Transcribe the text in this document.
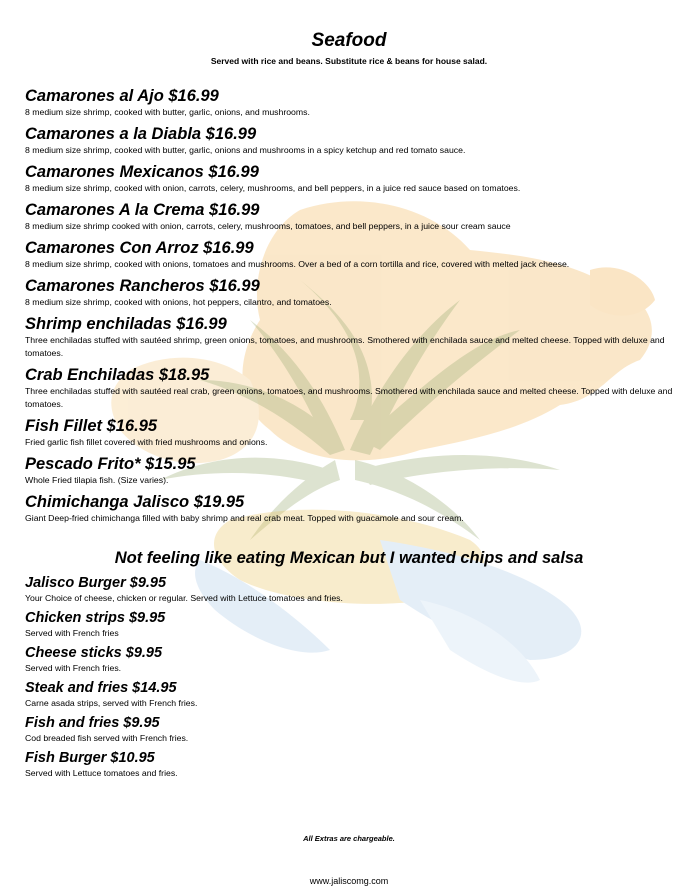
Seafood

Served with rice and beans. Substitute rice & beans for house salad.

Camarones al Ajo $16.99
8 medium size shrimp, cooked with butter, garlic, onions, and mushrooms.
Camarones a la Diabla $16.99
8 medium size shrimp, cooked with butter, garlic, onions and mushrooms in a spicy ketchup and red tomato sauce.
Camarones Mexicanos $16.99
8 medium size shrimp, cooked with onion, carrots, celery, mushrooms, and bell peppers, in a juice red sauce based on tomatoes.
Camarones A la Crema $16.99
8 medium size shrimp cooked with onion, carrots, celery, mushrooms, tomatoes, and bell peppers, in a juice sour cream sauce
Camarones Con Arroz $16.99
8 medium size shrimp, cooked with onions, tomatoes and mushrooms. Over a bed of a corn tortilla and rice, covered with melted jack cheese.
Camarones Rancheros $16.99
8 medium size shrimp, cooked with onions, hot peppers, cilantro, and tomatoes.
Shrimp enchiladas $16.99
Three enchiladas stuffed with sautéed shrimp, green onions, tomatoes, and mushrooms. Smothered with enchilada sauce and melted cheese. Topped with deluxe and tomatoes.
Crab Enchiladas $18.95
Three enchiladas stuffed with sautéed real crab, green onions, tomatoes, and mushrooms. Smothered with enchilada sauce and melted cheese. Topped with deluxe and tomatoes.
Fish Fillet $16.95
Fried garlic fish fillet covered with fried mushrooms and onions.
Pescado Frito* $15.95
Whole Fried tilapia fish. (Size varies).
Chimichanga Jalisco $19.95
Giant Deep-fried chimichanga filled with baby shrimp and real crab meat. Topped with guacamole and sour cream.
Not feeling like eating Mexican but I wanted chips and salsa
Jalisco Burger $9.95
Your Choice of cheese, chicken or regular. Served with Lettuce tomatoes and fries.
Chicken strips $9.95
Served with French fries
Cheese sticks $9.95
Served with French fries.
Steak and fries $14.95
Carne asada strips, served with French fries.
Fish and fries $9.95
Cod breaded fish served with French fries.
Fish Burger $10.95
Served with Lettuce tomatoes and fries.

All Extras are chargeable.

www.jaliscomg.com
